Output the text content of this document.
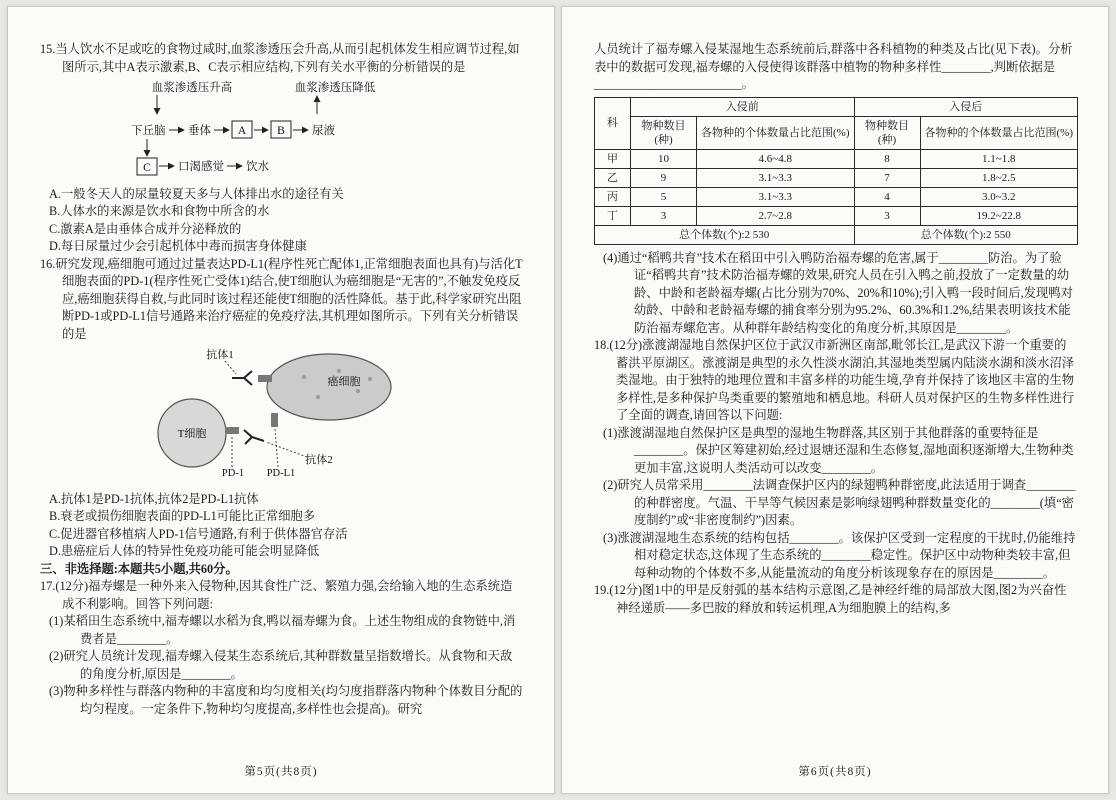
15.当人饮水不足或吃的食物过咸时,血浆渗透压会升高,从而引起机体发生相应调节过程,如图所示,其中A表示激素,B、C表示相应结构,下列有关水平衡的分析错误的是

血浆渗透压升高	血浆渗透压降低
下丘脑 垂体 A	B 尿液
C 口渴感觉 饮水

A.一般冬天人的尿量较夏天多与人体排出水的途径有关

B.人体水的来源是饮水和食物中所含的水

C.激素A是由垂体合成并分泌释放的

D.每日尿量过少会引起机体中毒而损害身体健康

16.研究发现,癌细胞可通过过量表达PD-L1(程序性死亡配体1,正常细胞表面也具有)与活化T细胞表面的PD-1(程序性死亡受体1)结合,使T细胞认为癌细胞是“无害的”,不触发免疫反应,癌细胞获得自救,与此同时该过程还能使T细胞的活性降低。基于此,科学家研究出阻断PD-1或PD-L1信号通路来治疗癌症的免疫疗法,其机理如图所示。下列有关分析错误的是

癌细胞
T细胞
抗体1
PD-1 PD-L1
抗体2

A.抗体1是PD-1抗体,抗体2是PD-L1抗体

B.衰老或损伤细胞表面的PD-L1可能比正常细胞多

C.促进器官移植病人PD-1信号通路,有利于供体器官存活

D.患癌症后人体的特异性免疫功能可能会明显降低

三、非选择题:本题共5小题,共60分。

17.(12分)福寿螺是一种外来入侵物种,因其食性广泛、繁殖力强,会给输入地的生态系统造成不利影响。回答下列问题:

(1)某稻田生态系统中,福寿螺以水稻为食,鸭以福寿螺为食。上述生物组成的食物链中,消费者是________。

(2)研究人员统计发现,福寿螺入侵某生态系统后,其种群数量呈指数增长。从食物和天敌的角度分析,原因是________。

(3)物种多样性与群落内物种的丰富度和均匀度相关(均匀度指群落内物种个体数目分配的均匀程度。一定条件下,物种均匀度提高,多样性也会提高)。研究

第5页(共8页)

人员统计了福寿螺入侵某湿地生态系统前后,群落中各科植物的种类及占比(见下表)。分析表中的数据可发现,福寿螺的入侵使得该群落中植物的物种多样性________,判断依据是________________________。

科	入侵前		入侵后	
	物种数目(种)	各物种的个体数量占比范围(%)	物种数目(种)	各物种的个体数量占比范围(%)
甲	10	4.6~4.8	8	1.1~1.8
乙	9	3.1~3.3	7	1.8~2.5
丙	5	3.1~3.3	4	3.0~3.2
丁	3	2.7~2.8	3	19.2~22.8
总个体数(个):2 530			总个体数(个):2 550	

(4)通过“稻鸭共育”技术在稻田中引入鸭防治福寿螺的危害,属于________防治。为了验证“稻鸭共育”技术防治福寿螺的效果,研究人员在引入鸭之前,投放了一定数量的幼龄、中龄和老龄福寿螺(占比分别为70%、20%和10%);引入鸭一段时间后,发现鸭对幼龄、中龄和老龄福寿螺的捕食率分别为95.2%、60.3%和1.2%,结果表明该技术能防治福寿螺危害。从种群年龄结构变化的角度分析,其原因是________。

18.(12分)涨渡湖湿地自然保护区位于武汉市新洲区南部,毗邻长江,是武汉下游一个重要的蓄洪平原湖区。涨渡湖是典型的永久性淡水湖泊,其湿地类型属内陆淡水湖和淡水沼泽类湿地。由于独特的地理位置和丰富多样的功能生境,孕育并保持了该地区丰富的生物多样性,是多种保护鸟类重要的繁殖地和栖息地。科研人员对保护区的生物多样性进行了全面的调查,请回答以下问题:

(1)涨渡湖湿地自然保护区是典型的湿地生物群落,其区别于其他群落的重要特征是________。保护区筹建初始,经过退塘还湿和生态修复,湿地面积逐渐增大,生物种类更加丰富,这说明人类活动可以改变________。

(2)研究人员常采用________法调查保护区内的绿翅鸭种群密度,此法适用于调查________的种群密度。气温、干旱等气候因素是影响绿翅鸭种群数量变化的________(填“密度制约”或“非密度制约”)因素。

(3)涨渡湖湿地生态系统的结构包括________。该保护区受到一定程度的干扰时,仍能维持相对稳定状态,这体现了生态系统的________稳定性。保护区中动物种类较丰富,但每种动物的个体数不多,从能量流动的角度分析该现象存在的原因是________。

19.(12分)图1中的甲是反射弧的基本结构示意图,乙是神经纤维的局部放大图,图2为兴奋性神经递质——多巴胺的释放和转运机理,A为细胞膜上的结构,多

第6页(共8页)
